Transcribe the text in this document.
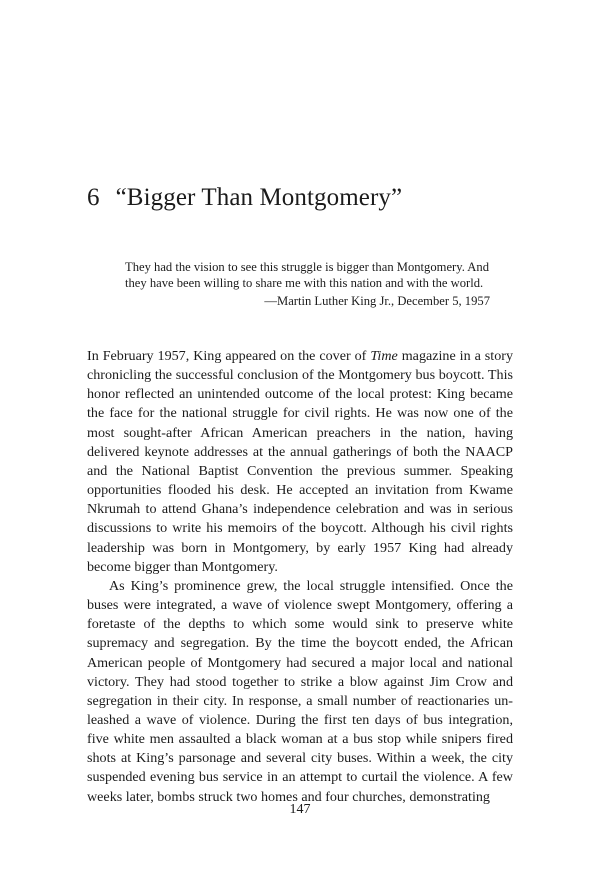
6 “Bigger Than Montgomery”

They had the vision to see this struggle is bigger than Montgomery. And they have been willing to share me with this nation and with the world.

—Martin Luther King Jr., December 5, 1957

In February 1957, King appeared on the cover of Time magazine in a story chronicling the successful conclusion of the Montgomery bus boycott. This honor reflected an unintended outcome of the local protest: King became the face for the national struggle for civil rights. He was now one of the most sought-after African American preachers in the nation, having delivered keynote addresses at the annual gatherings of both the NAACP and the National Baptist Convention the previous summer. Speaking opportunities flooded his desk. He accepted an invitation from Kwame Nkrumah to attend Ghana’s independence celebration and was in serious discussions to write his memoirs of the boycott. Although his civil rights leadership was born in Montgomery, by early 1957 King had already become bigger than Montgomery.

As King’s prominence grew, the local struggle intensified. Once the buses were integrated, a wave of violence swept Montgomery, offering a foretaste of the depths to which some would sink to preserve white supremacy and segregation. By the time the boycott ended, the African American people of Montgomery had secured a major local and national victory. They had stood together to strike a blow against Jim Crow and segregation in their city. In response, a small number of reactionaries unleashed a wave of violence. During the first ten days of bus integration, five white men assaulted a black woman at a bus stop while snipers fired shots at King’s parsonage and several city buses. Within a week, the city suspended evening bus service in an attempt to curtail the violence. A few weeks later, bombs struck two homes and four churches, demonstrating

147
